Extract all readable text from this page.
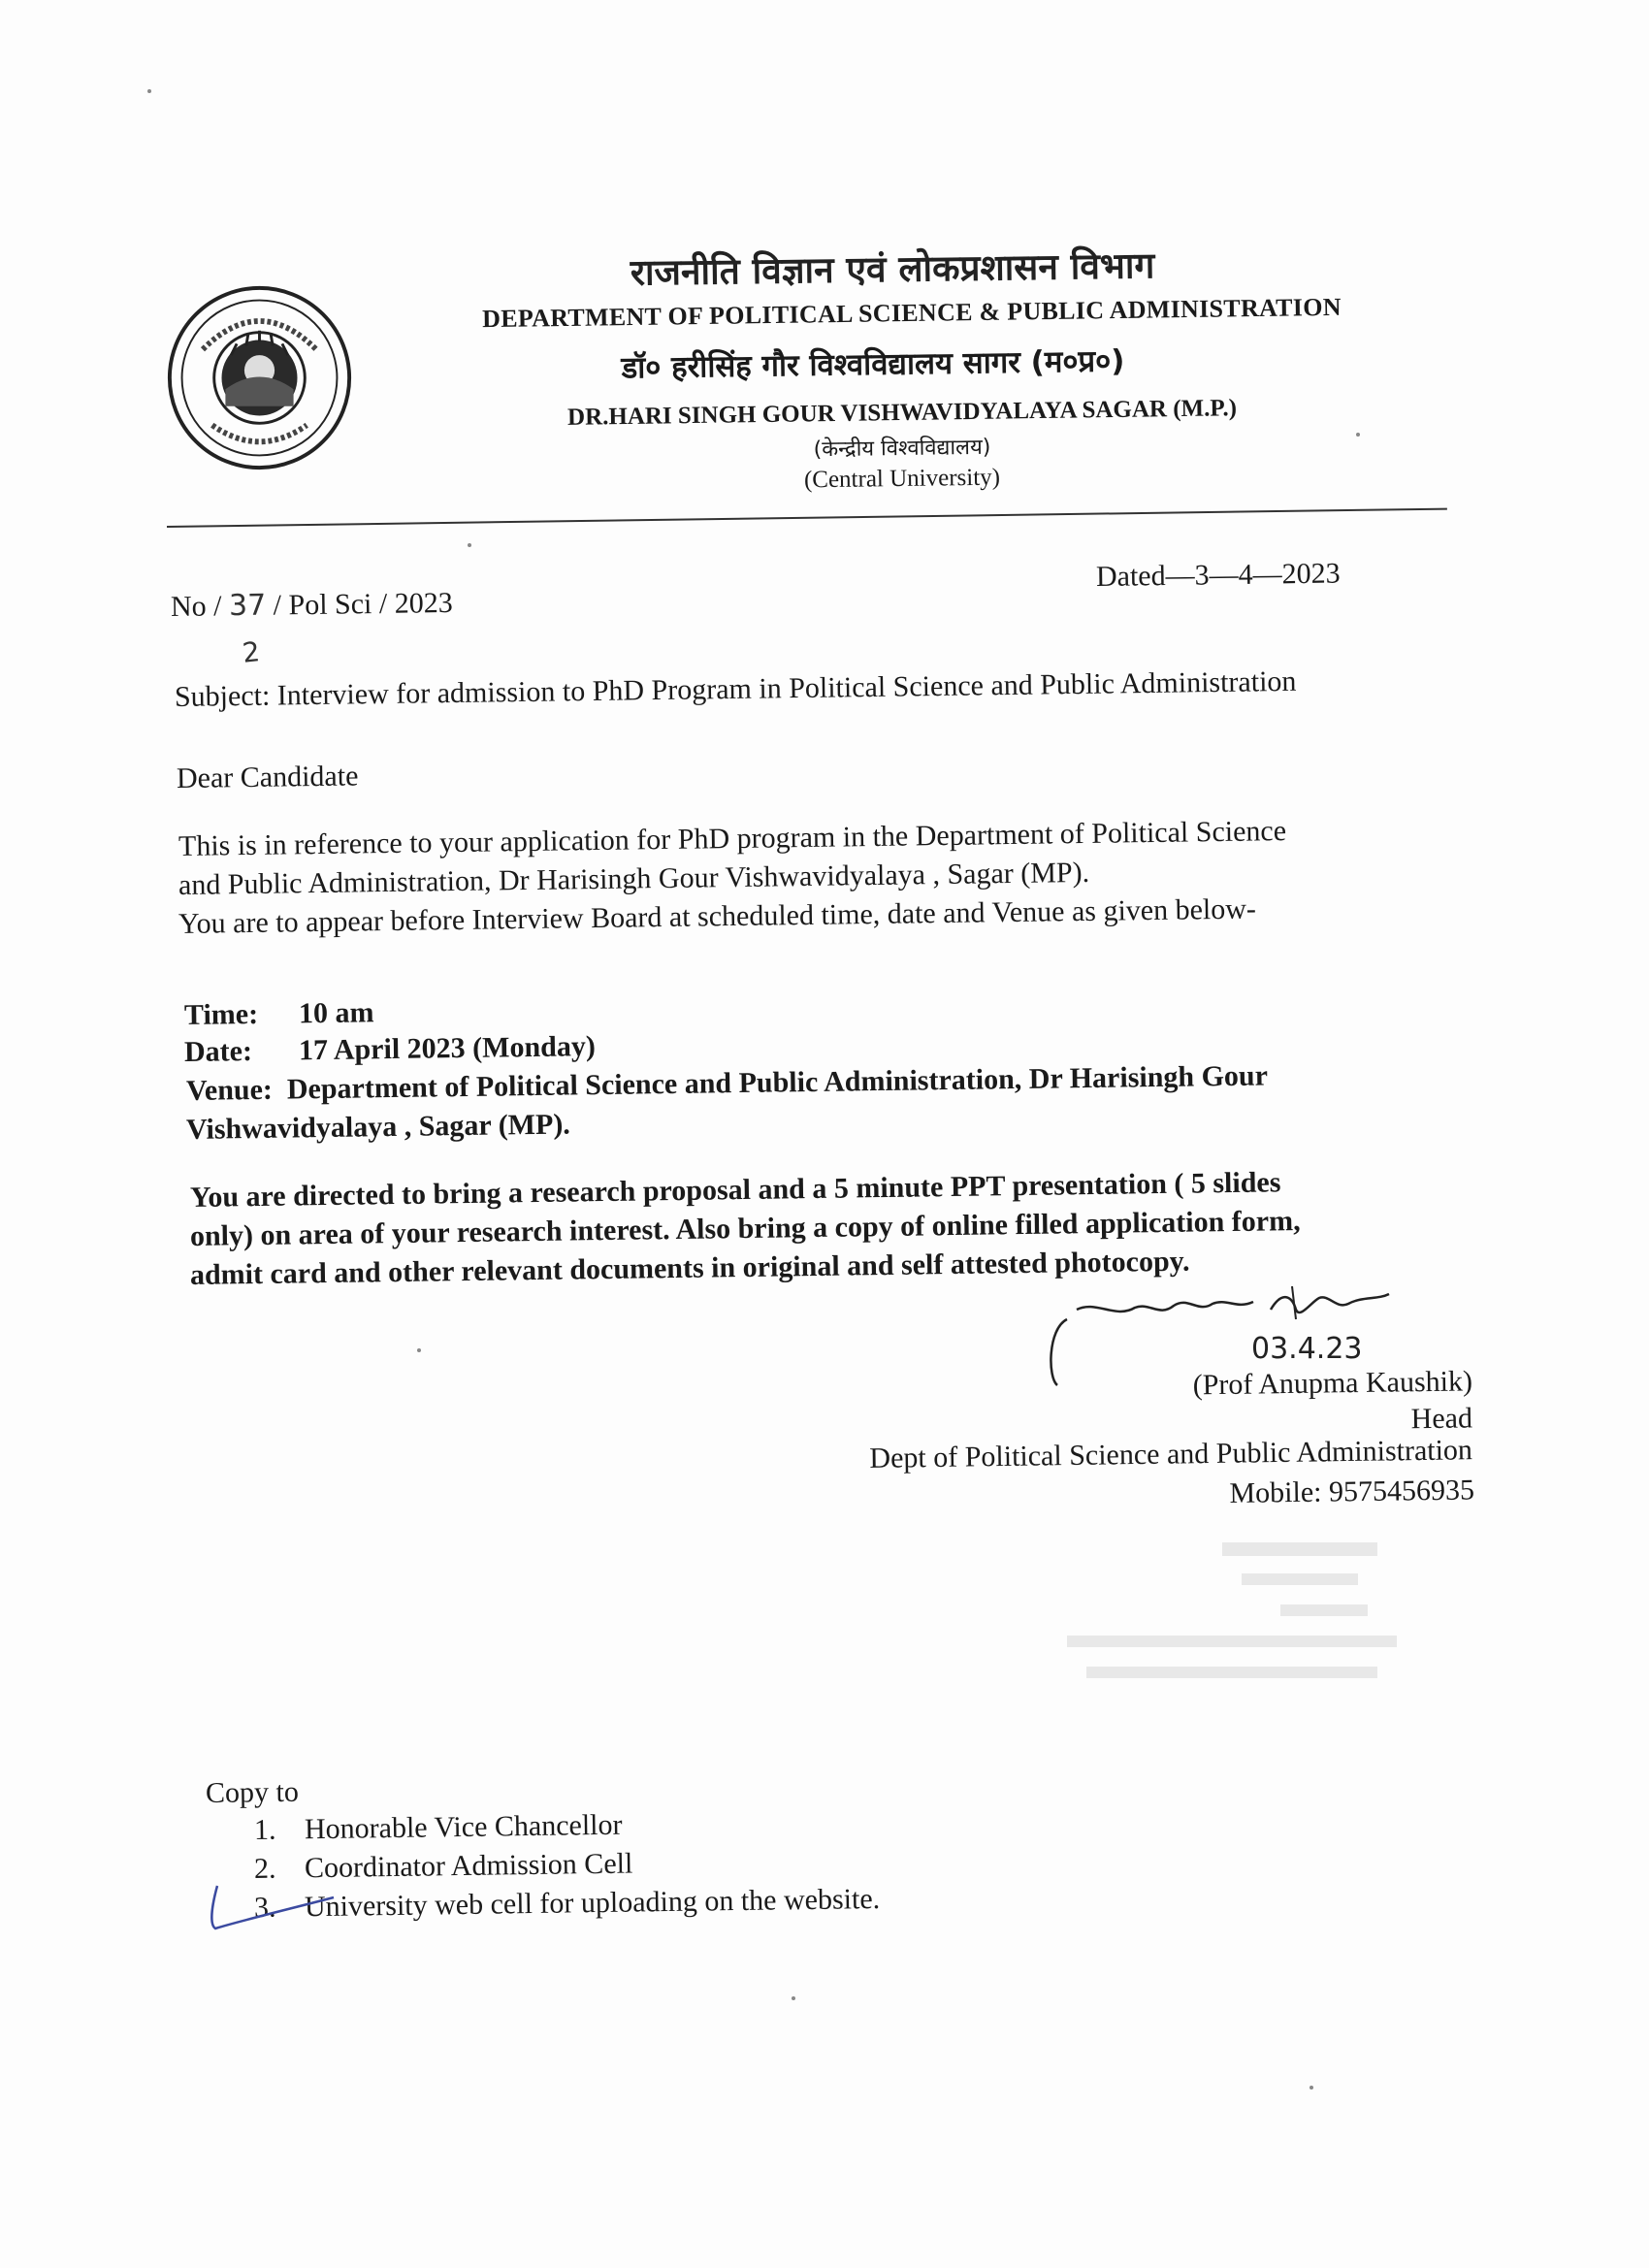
राजनीति विज्ञान एवं लोकप्रशासन विभाग
DEPARTMENT OF POLITICAL SCIENCE & PUBLIC ADMINISTRATION
डॉ० हरीसिंह गौर विश्वविद्यालय सागर (म०प्र०)
DR.HARI SINGH GOUR VISHWAVIDYALAYA SAGAR (M.P.)
(केन्द्रीय विश्वविद्यालय)
(Central University)
No / 37 / Pol Sci / 2023
2
Dated—3—4—2023
Subject: Interview for admission to PhD Program in Political Science and Public Administration
Dear Candidate
This is in reference to your application for PhD program in the Department of Political Science
and Public Administration, Dr Harisingh Gour Vishwavidyalaya , Sagar (MP).
You are to appear before Interview Board at scheduled time, date and Venue as given below-
Time: 10 am
Date: 17 April 2023 (Monday)
Venue: Department of Political Science and Public Administration, Dr Harisingh Gour
Vishwavidyalaya , Sagar (MP).
You are directed to bring a research proposal and a 5 minute PPT presentation ( 5 slides
only) on area of your research interest. Also bring a copy of online filled application form,
admit card and other relevant documents in original and self attested photocopy.
03.4.23
(Prof Anupma Kaushik)
Head
Dept of Political Science and Public Administration
Mobile: 9575456935
Copy to
1. Honorable Vice Chancellor
2. Coordinator Admission Cell
3. University web cell for uploading on the website.
